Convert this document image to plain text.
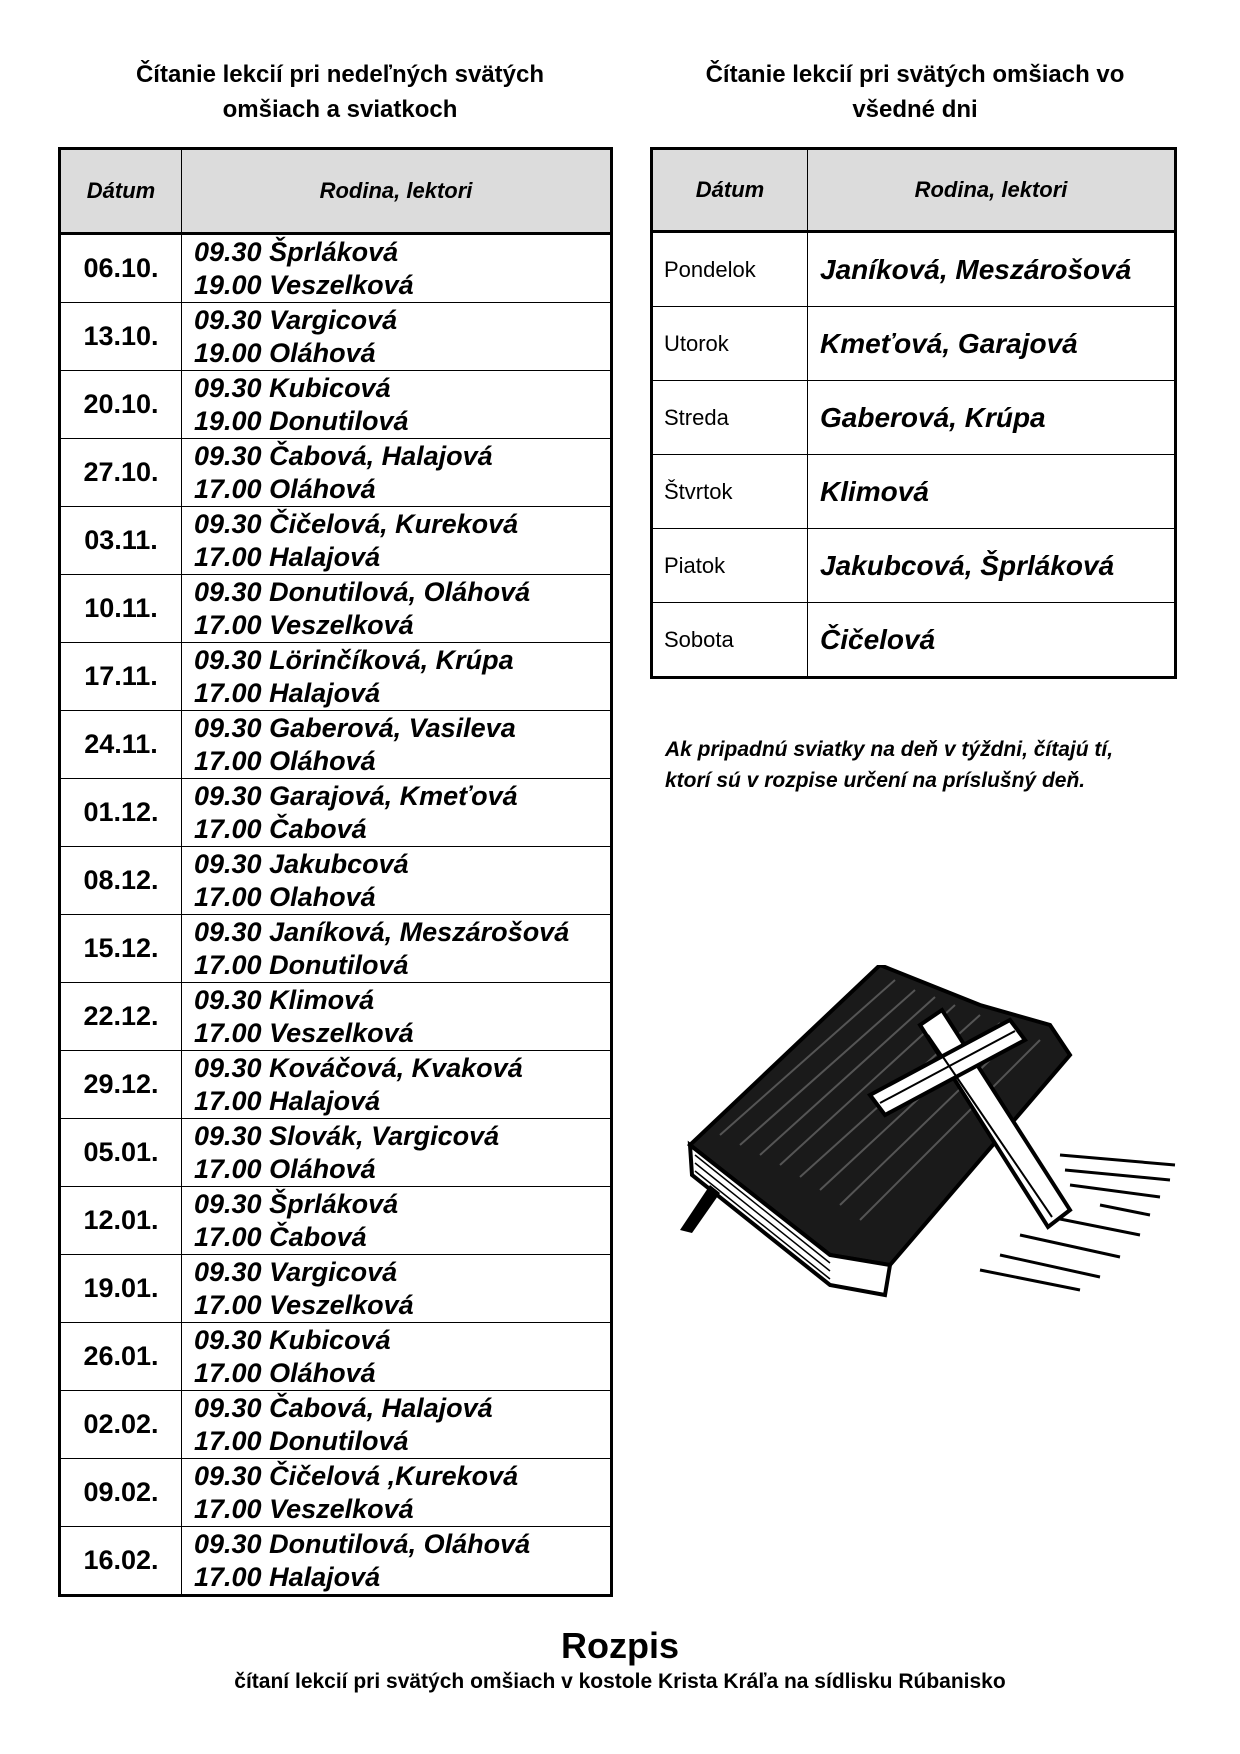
Čítanie lekcií pri nedeľných svätých
omšiach a sviatkoch
Čítanie lekcií pri svätých omšiach vo
všedné dni
Dátum	Rodina, lektori
06.10.	09.30 Šprláková
19.00 Veszelková

13.10.	09.30 Vargicová
19.00 Oláhová

20.10.	09.30 Kubicová
19.00 Donutilová

27.10.	09.30 Čabová, Halajová
17.00 Oláhová

03.11.	09.30 Čičelová, Kureková
17.00 Halajová

10.11.	09.30 Donutilová, Oláhová
17.00 Veszelková

17.11.	09.30 Lörinčíková, Krúpa
17.00 Halajová

24.11.	09.30 Gaberová, Vasileva
17.00 Oláhová

01.12.	09.30 Garajová, Kmeťová
17.00 Čabová

08.12.	09.30 Jakubcová
17.00 Olahová

15.12.	09.30 Janíková, Meszárošová
17.00 Donutilová

22.12.	09.30 Klimová
17.00 Veszelková

29.12.	09.30 Kováčová, Kvaková
17.00 Halajová

05.01.	09.30 Slovák, Vargicová
17.00 Oláhová

12.01.	09.30 Šprláková
17.00 Čabová

19.01.	09.30 Vargicová
17.00 Veszelková

26.01.	09.30 Kubicová
17.00 Oláhová

02.02.	09.30 Čabová, Halajová
17.00 Donutilová

09.02.	09.30 Čičelová ,Kureková
17.00 Veszelková

16.02.	09.30 Donutilová, Oláhová
17.00 Halajová
Dátum	Rodina, lektori
Pondelok	Janíková, Meszárošová
Utorok	Kmeťová, Garajová
Streda	Gaberová, Krúpa
Štvrtok	Klimová
Piatok	Jakubcová, Šprláková
Sobota	Čičelová
Ak pripadnú sviatky na deň v týždni, čítajú tí,
ktorí sú v rozpise určení na príslušný deň.
Rozpis
čítaní lekcií pri svätých omšiach v kostole Krista Kráľa na sídlisku Rúbanisko
